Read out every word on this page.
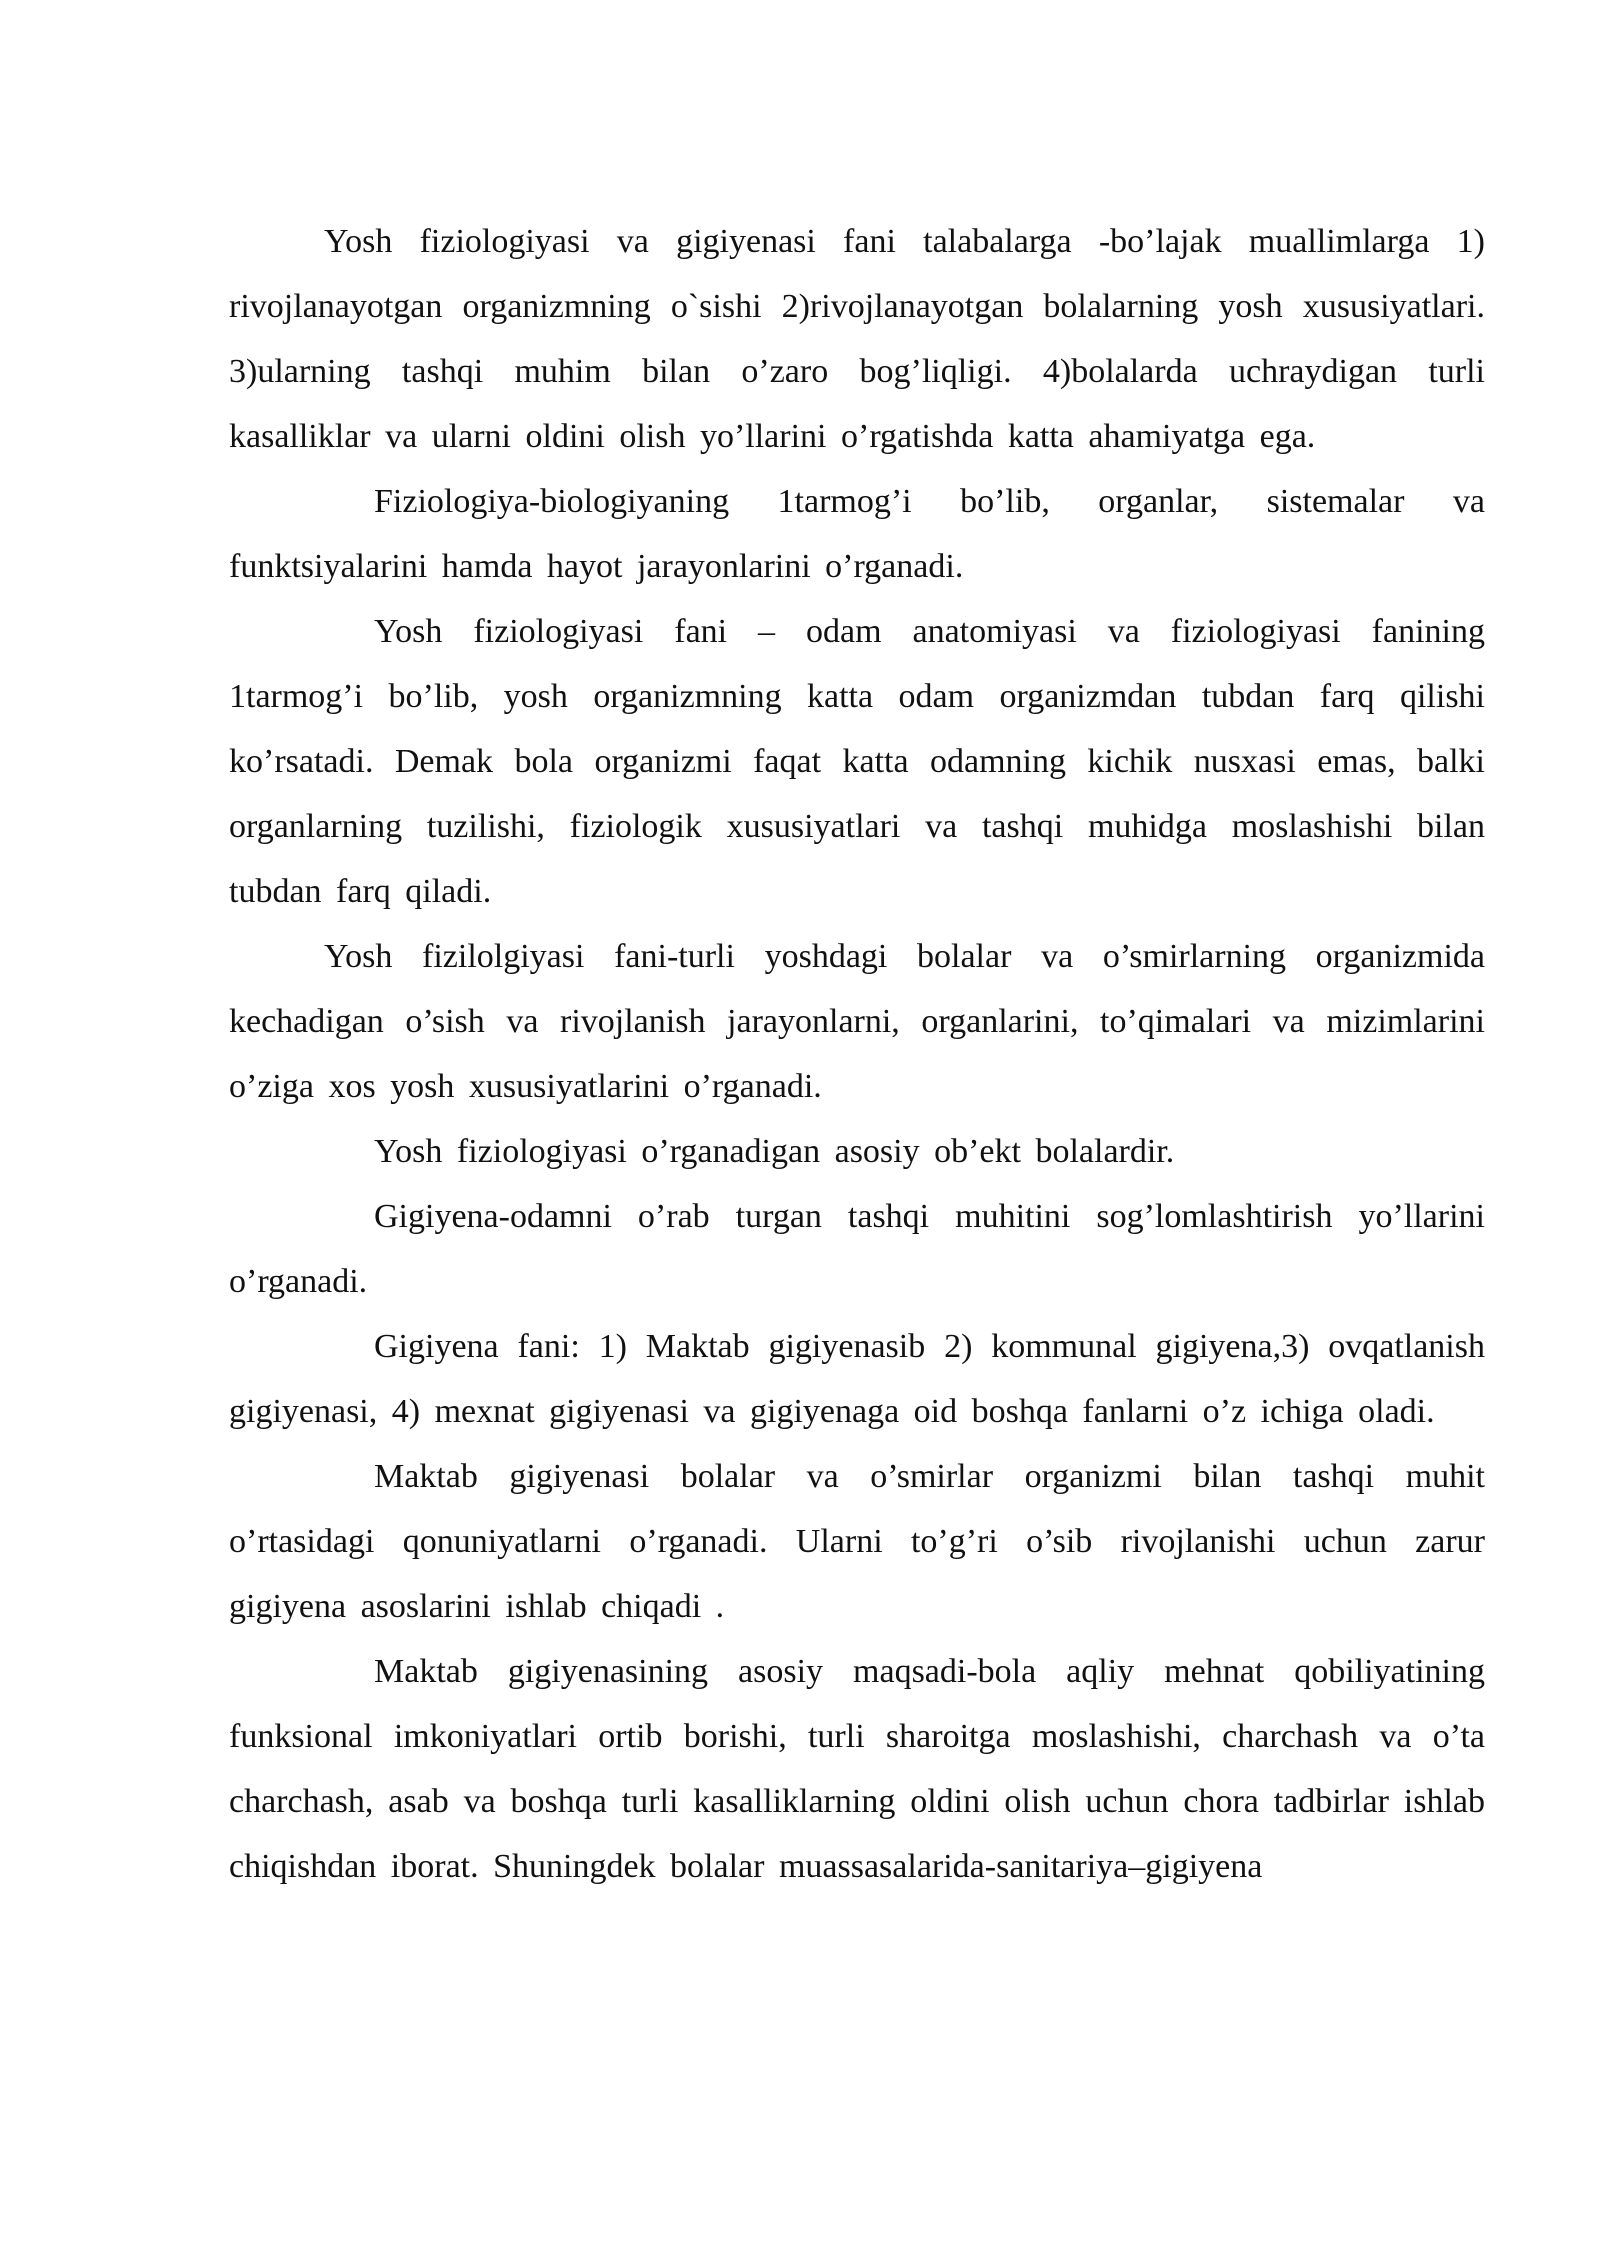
Yosh fiziologiyasi va gigiyenasi fani talabalarga -bo’lajak muallimlarga 1) rivojlanayotgan organizmning o`sishi 2)rivojlanayotgan bolalarning yosh xususiyatlari. 3)ularning tashqi muhim bilan o’zaro bog’liqligi. 4)bolalarda uchraydigan turli kasalliklar va ularni oldini olish yo’llarini o’rgatishda katta ahamiyatga ega.

Fiziologiya-biologiyaning 1tarmog’i bo’lib, organlar, sistemalar va funktsiyalarini hamda hayot jarayonlarini o’rganadi.

Yosh fiziologiyasi fani – odam anatomiyasi va fiziologiyasi fanining 1tarmog’i bo’lib, yosh organizmning katta odam organizmdan tubdan farq qilishi ko’rsatadi. Demak bola organizmi faqat katta odamning kichik nusxasi emas, balki organlarning tuzilishi, fiziologik xususiyatlari va tashqi muhidga moslashishi bilan tubdan farq qiladi.

Yosh fizilolgiyasi fani-turli yoshdagi bolalar va o’smirlarning organizmida kechadigan o’sish va rivojlanish jarayonlarni, organlarini, to’qimalari va mizimlarini o’ziga xos yosh xususiyatlarini o’rganadi.

Yosh fiziologiyasi o’rganadigan asosiy ob’ekt bolalardir.

Gigiyena-odamni o’rab turgan tashqi muhitini sog’lomlashtirish yo’llarini o’rganadi.

Gigiyena fani: 1) Maktab gigiyenasib 2) kommunal gigiyena,3) ovqatlanish gigiyenasi, 4) mexnat gigiyenasi va gigiyenaga oid boshqa fanlarni o’z ichiga oladi.

Maktab gigiyenasi bolalar va o’smirlar organizmi bilan tashqi muhit o’rtasidagi qonuniyatlarni o’rganadi. Ularni to’g’ri o’sib rivojlanishi uchun zarur gigiyena asoslarini ishlab chiqadi .

Maktab gigiyenasining asosiy maqsadi-bola aqliy mehnat qobiliyatining funksional imkoniyatlari ortib borishi, turli sharoitga moslashishi, charchash va o’ta charchash, asab va boshqa turli kasalliklarning oldini olish uchun chora tadbirlar ishlab chiqishdan iborat. Shuningdek bolalar muassasalarida-sanitariya–gigiyena
